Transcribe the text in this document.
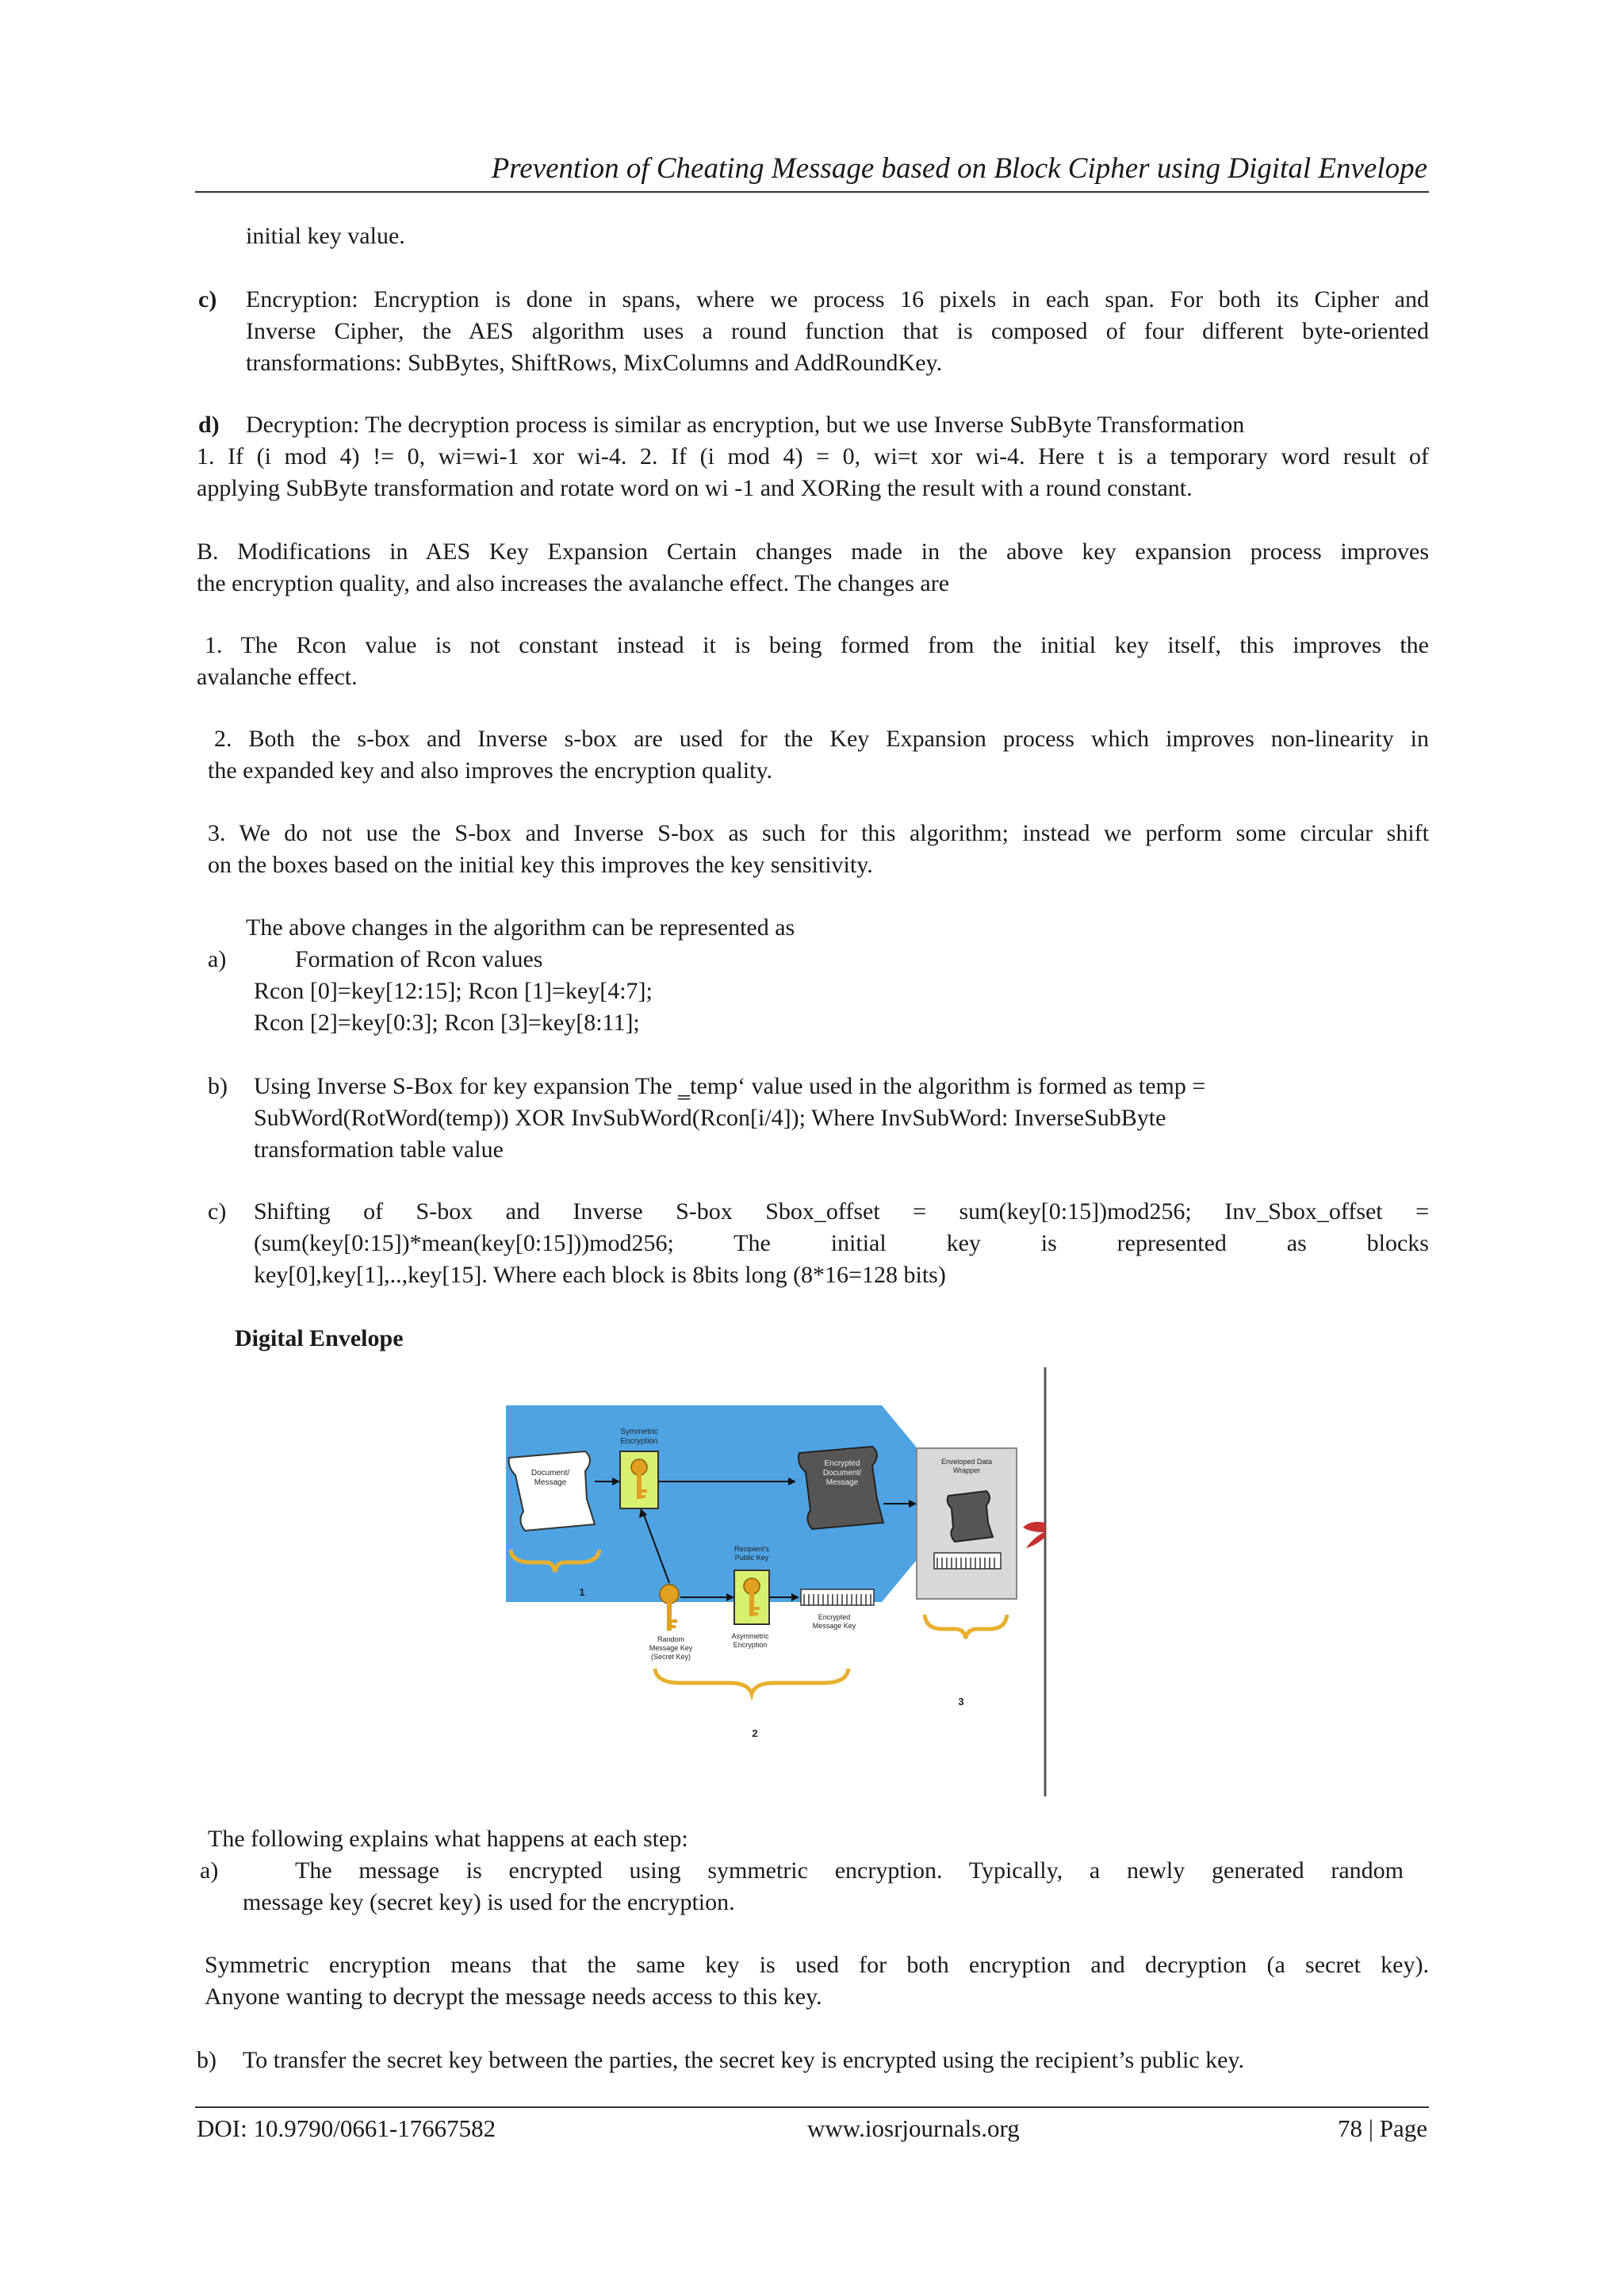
Prevention of Cheating Message based on Block Cipher using Digital Envelope
initial key value.
c) Encryption: Encryption is done in spans, where we process 16 pixels in each span. For both its Cipher and
Inverse Cipher, the AES algorithm uses a round function that is composed of four different byte-oriented
transformations: SubBytes, ShiftRows, MixColumns and AddRoundKey.
d) Decryption: The decryption process is similar as encryption, but we use Inverse SubByte Transformation
1. If (i mod 4) != 0, wi=wi-1 xor wi-4. 2. If (i mod 4) = 0, wi=t xor wi-4. Here t is a temporary word result of
applying SubByte transformation and rotate word on wi -1 and XORing the result with a round constant.
B. Modifications in AES Key Expansion Certain changes made in the above key expansion process improves
the encryption quality, and also increases the avalanche effect. The changes are
1. The Rcon value is not constant instead it is being formed from the initial key itself, this improves the
avalanche effect.
2. Both the s-box and Inverse s-box are used for the Key Expansion process which improves non-linearity in
the expanded key and also improves the encryption quality.
3. We do not use the S-box and Inverse S-box as such for this algorithm; instead we perform some circular shift
on the boxes based on the initial key this improves the key sensitivity.
The above changes in the algorithm can be represented as
a)	Formation of Rcon values
Rcon [0]=key[12:15]; Rcon [1]=key[4:7];
Rcon [2]=key[0:3]; Rcon [3]=key[8:11];
b) Using Inverse S-Box for key expansion The ‗temp‘ value used in the algorithm is formed as temp =
SubWord(RotWord(temp)) XOR InvSubWord(Rcon[i/4]); Where InvSubWord: InverseSubByte
transformation table value
c) Shifting of S-box and Inverse S-box Sbox_offset = sum(key[0:15])mod256; Inv_Sbox_offset =
(sum(key[0:15])*mean(key[0:15]))mod256; The initial key is represented as blocks
key[0],key[1],..,key[15]. Where each block is 8bits long (8*16=128 bits)
Digital Envelope
Document/
Message
Symmetric
Encryption
Encrypted
Document/
Message
1
Random
Message Key
(Secret Key)
Recipient's
Public Key
Asymmetric
Encryption
Encrypted
Message Key
2
Enveloped Data
Wrapper
3
The following explains what happens at each step:
a)	The message is encrypted using symmetric encryption. Typically, a newly generated random
message key (secret key) is used for the encryption.
Symmetric encryption means that the same key is used for both encryption and decryption (a secret key).
Anyone wanting to decrypt the message needs access to this key.
b) To transfer the secret key between the parties, the secret key is encrypted using the recipient’s public key.
DOI: 10.9790/0661-17667582	www.iosrjournals.org	78 | Page
